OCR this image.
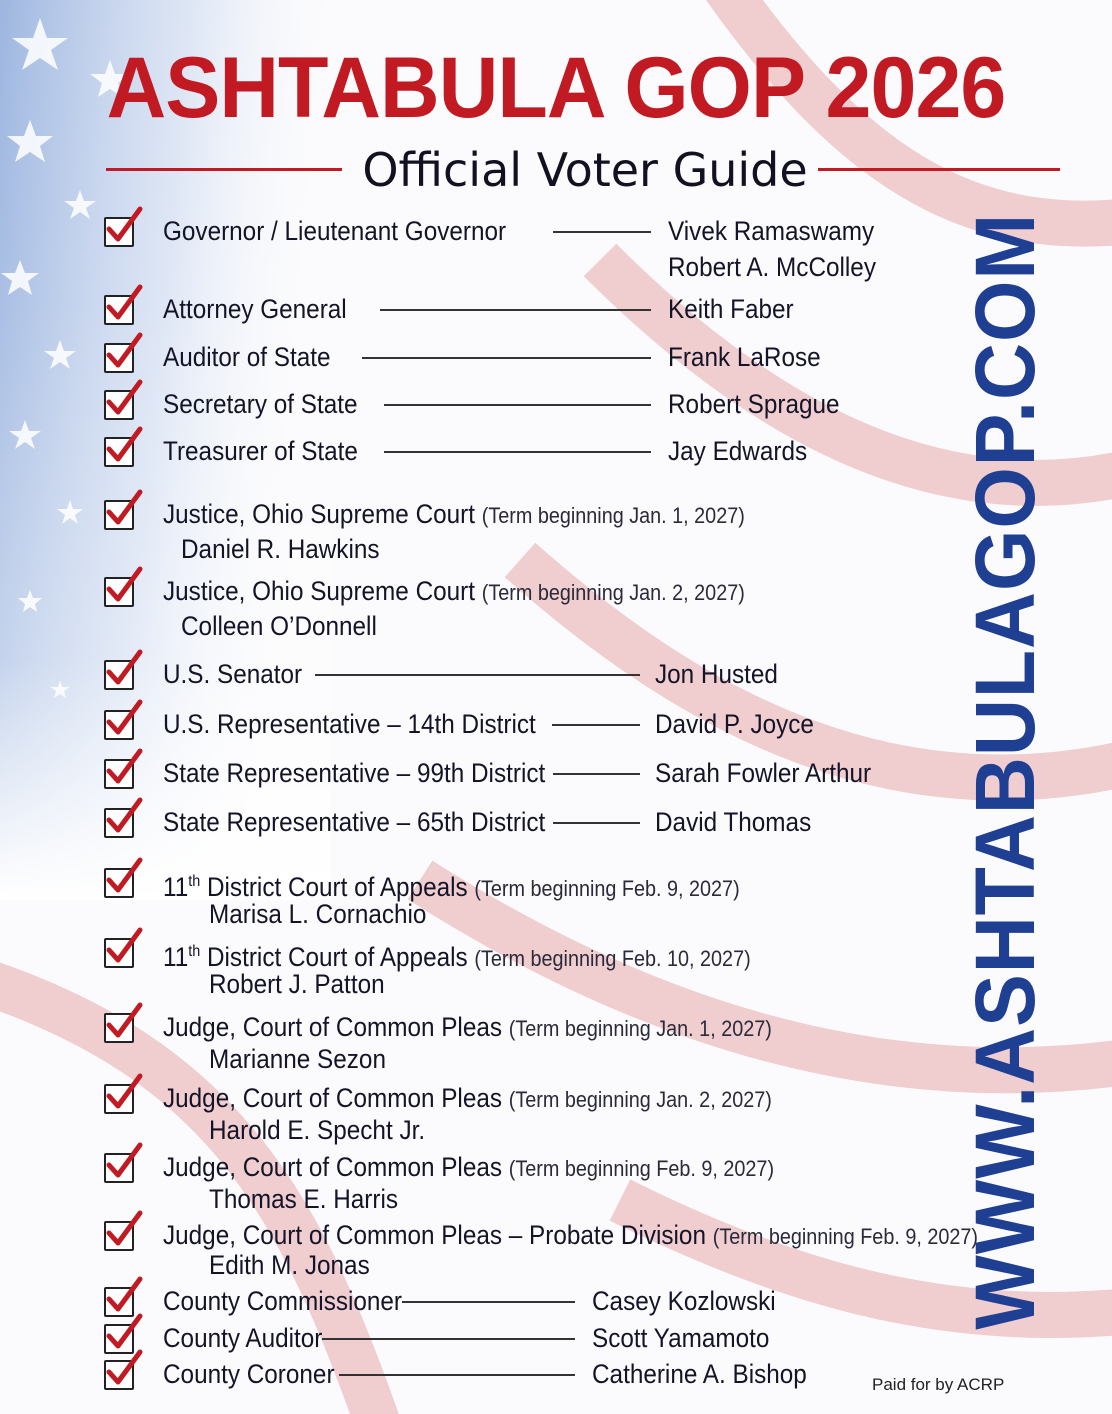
ASHTABULA GOP 2026
Official Voter Guide
Governor / Lieutenant Governor	Vivek Ramaswamy
Robert A. McColley
Attorney General	Keith Faber
Auditor of State	Frank LaRose
Secretary of State	Robert Sprague
Treasurer of State	Jay Edwards
Justice, Ohio Supreme Court (Term beginning Jan. 1, 2027)
Daniel R. Hawkins
Justice, Ohio Supreme Court (Term beginning Jan. 2, 2027)
Colleen O’Donnell
U.S. Senator	Jon Husted
U.S. Representative – 14th District	David P. Joyce
State Representative – 99th District	Sarah Fowler Arthur
State Representative – 65th District	David Thomas
11th District Court of Appeals (Term beginning Feb. 9, 2027)
Marisa L. Cornachio
11th District Court of Appeals (Term beginning Feb. 10, 2027)
Robert J. Patton
Judge, Court of Common Pleas (Term beginning Jan. 1, 2027)
Marianne Sezon
Judge, Court of Common Pleas (Term beginning Jan. 2, 2027)
Harold E. Specht Jr.
Judge, Court of Common Pleas (Term beginning Feb. 9, 2027)
Thomas E. Harris
Judge, Court of Common Pleas – Probate Division (Term beginning Feb. 9, 2027)
Edith M. Jonas
County Commissioner	Casey Kozlowski
County Auditor	Scott Yamamoto
County Coroner	Catherine A. Bishop
WWW.ASHTABULAGOP.COM
Paid for by ACRP
